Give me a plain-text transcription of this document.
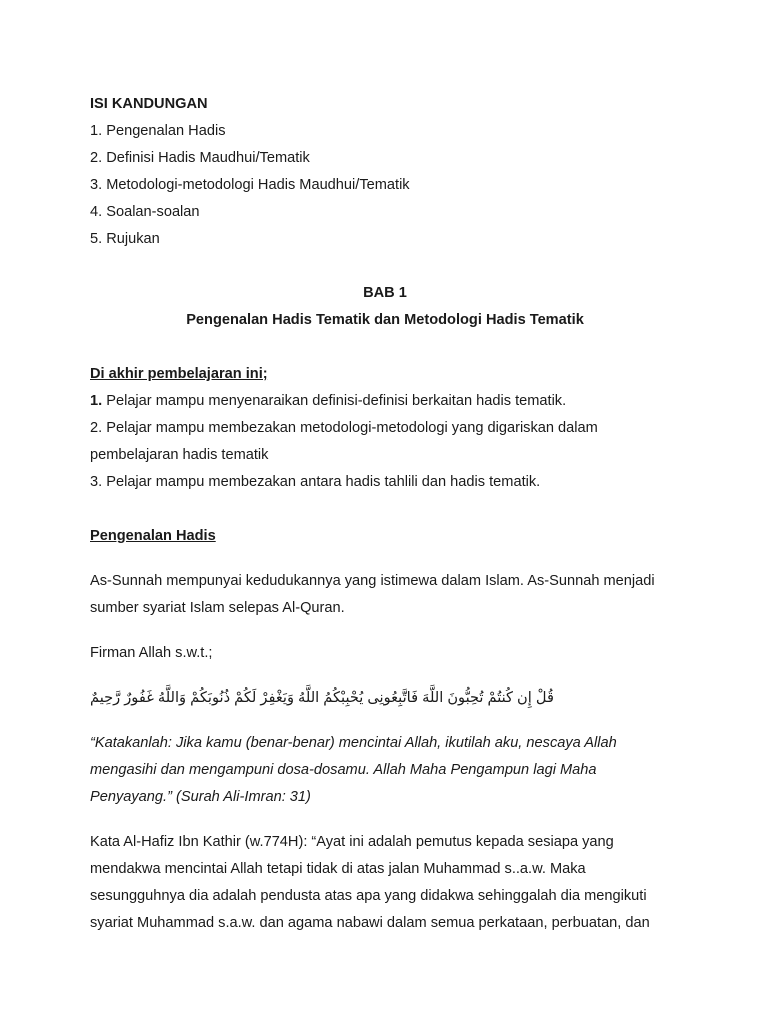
ISI KANDUNGAN
1. Pengenalan Hadis
2. Definisi Hadis Maudhui/Tematik
3. Metodologi-metodologi Hadis Maudhui/Tematik
4. Soalan-soalan
5. Rujukan
BAB 1
Pengenalan Hadis Tematik dan Metodologi Hadis Tematik
Di akhir pembelajaran ini;
1. Pelajar mampu menyenaraikan definisi-definisi berkaitan hadis tematik.
2. Pelajar mampu membezakan metodologi-metodologi yang digariskan dalam
pembelajaran hadis tematik
3. Pelajar mampu membezakan antara hadis tahlili dan hadis tematik.
Pengenalan Hadis
As-Sunnah mempunyai kedudukannya yang istimewa dalam Islam. As-Sunnah menjadi
sumber syariat Islam selepas Al-Quran.
Firman Allah s.w.t.;
قُلْ إِن كُنتُمْ تُحِبُّونَ اللَّهَ فَاتَّبِعُونِى يُحْبِبْكُمُ اللَّهُ وَيَغْفِرْ لَكُمْ ذُنُوبَكُمْ وَاللَّهُ غَفُورٌ رَّحِيمٌ
“Katakanlah: Jika kamu (benar-benar) mencintai Allah, ikutilah aku, nescaya Allah
mengasihi dan mengampuni dosa-dosamu. Allah Maha Pengampun lagi Maha
Penyayang.” (Surah Ali-Imran: 31)
Kata Al-Hafiz Ibn Kathir (w.774H): “Ayat ini adalah pemutus kepada sesiapa yang
mendakwa mencintai Allah tetapi tidak di atas jalan Muhammad s..a.w. Maka
sesungguhnya dia adalah pendusta atas apa yang didakwa sehinggalah dia mengikuti
syariat Muhammad s.a.w. dan agama nabawi dalam semua perkataan, perbuatan, dan
